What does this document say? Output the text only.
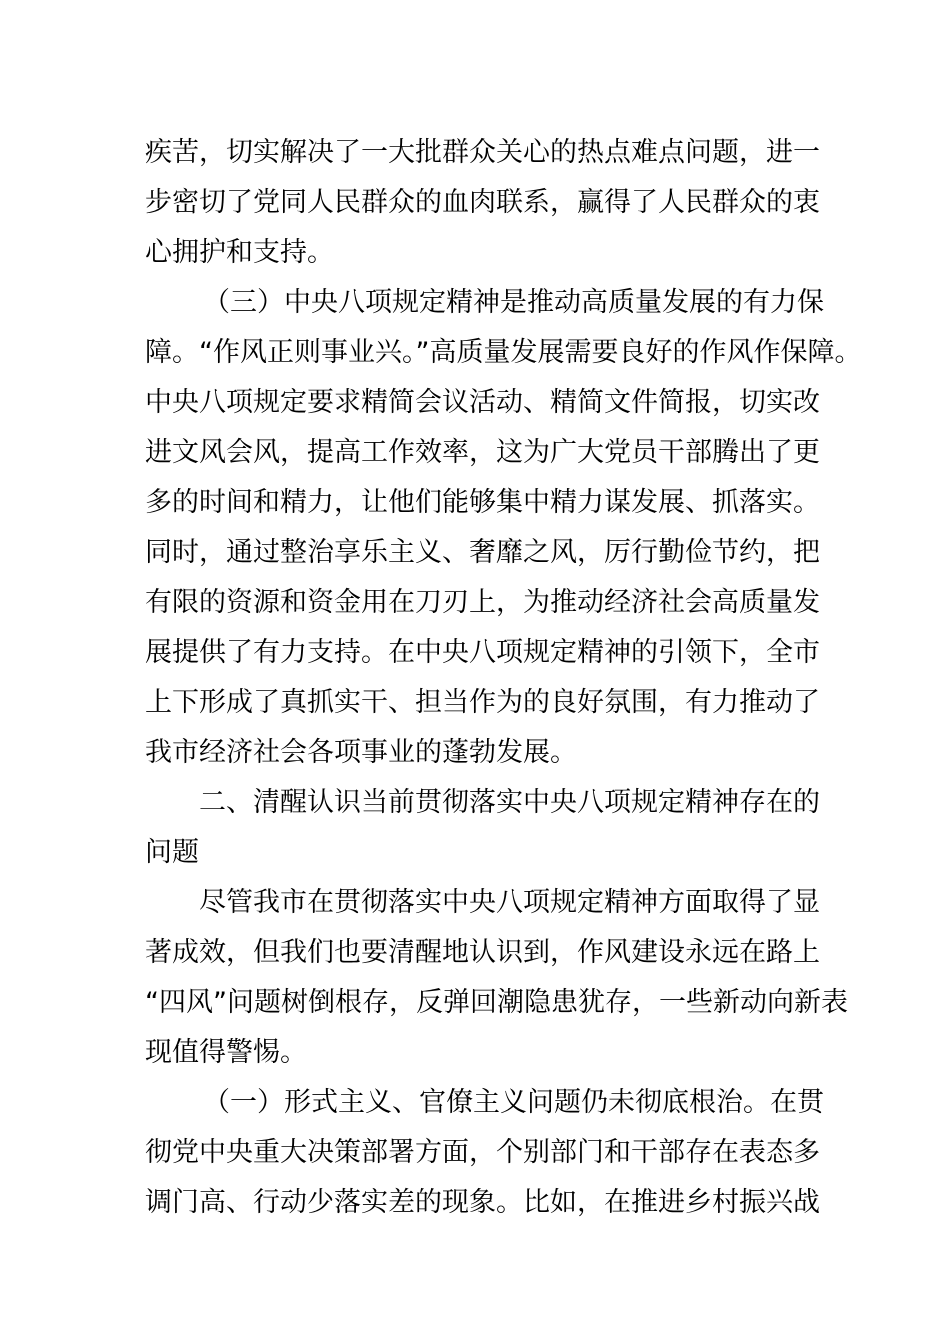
疾苦，切实解决了一大批群众关心的热点难点问题，进一
步密切了党同人民群众的血肉联系，赢得了人民群众的衷
心拥护和支持。
（三）中央八项规定精神是推动高质量发展的有力保
障。“作风正则事业兴。”高质量发展需要良好的作风作保障。
中央八项规定要求精简会议活动、精简文件简报，切实改
进文风会风，提高工作效率，这为广大党员干部腾出了更
多的时间和精力，让他们能够集中精力谋发展、抓落实。
同时，通过整治享乐主义、奢靡之风，厉行勤俭节约，把
有限的资源和资金用在刀刃上，为推动经济社会高质量发
展提供了有力支持。在中央八项规定精神的引领下，全市
上下形成了真抓实干、担当作为的良好氛围，有力推动了
我市经济社会各项事业的蓬勃发展。
二、清醒认识当前贯彻落实中央八项规定精神存在的
问题
尽管我市在贯彻落实中央八项规定精神方面取得了显
著成效，但我们也要清醒地认识到，作风建设永远在路上
“四风”问题树倒根存，反弹回潮隐患犹存，一些新动向新表
现值得警惕。
（一）形式主义、官僚主义问题仍未彻底根治。在贯
彻党中央重大决策部署方面，个别部门和干部存在表态多
调门高、行动少落实差的现象。比如，在推进乡村振兴战
